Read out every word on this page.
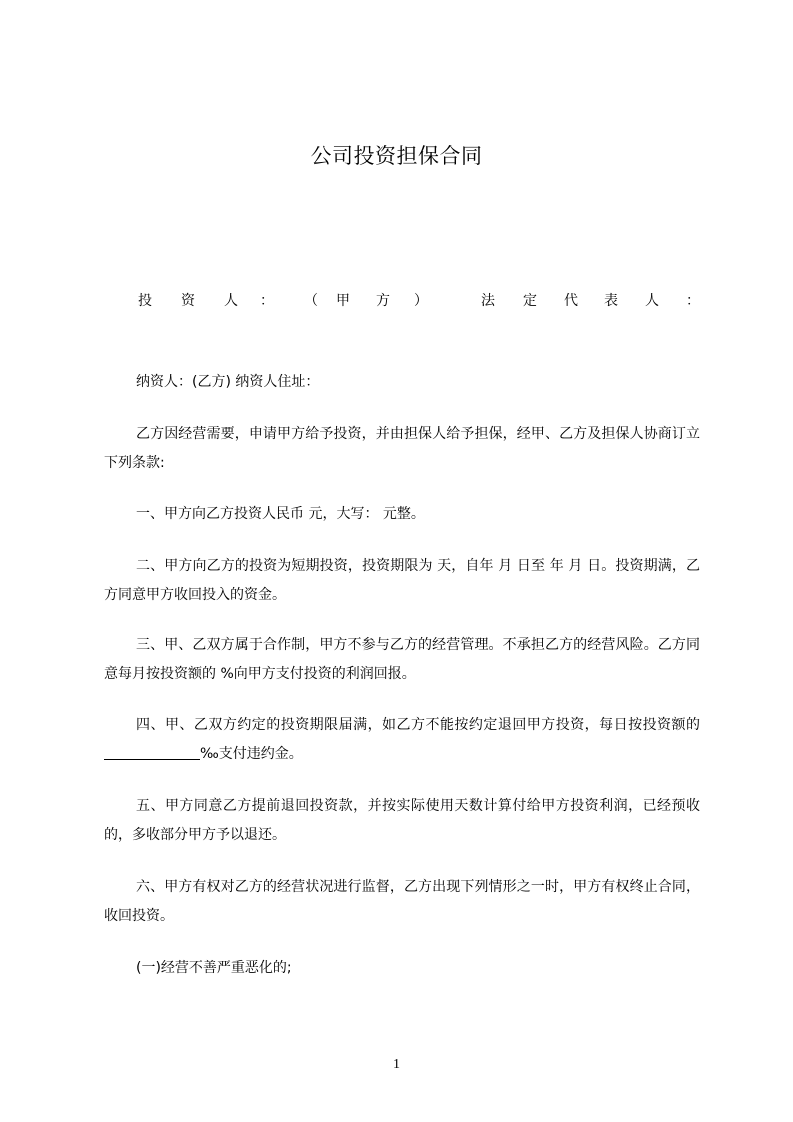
公司投资担保合同
投 资 人 ： （ 甲 方 ）	法 定 代 表 人 ：
纳资人：(乙方) 纳资人住址：
乙方因经营需要，申请甲方给予投资，并由担保人给予担保，经甲、乙方及担保人协商订立下列条款:
一、甲方向乙方投资人民币 元，大写： 元整。
二、甲方向乙方的投资为短期投资，投资期限为 天，自年 月 日至 年 月 日。投资期满，乙方同意甲方收回投入的资金。
三、甲、乙双方属于合作制，甲方不参与乙方的经营管理。不承担乙方的经营风险。乙方同意每月按投资额的 %向甲方支付投资的利润回报。
四、甲、乙双方约定的投资期限届满，如乙方不能按约定退回甲方投资，每日按投资额的‰支付违约金。
五、甲方同意乙方提前退回投资款，并按实际使用天数计算付给甲方投资利润，已经预收的，多收部分甲方予以退还。
六、甲方有权对乙方的经营状况进行监督，乙方出现下列情形之一时，甲方有权终止合同，收回投资。
(一)经营不善严重恶化的;
1
